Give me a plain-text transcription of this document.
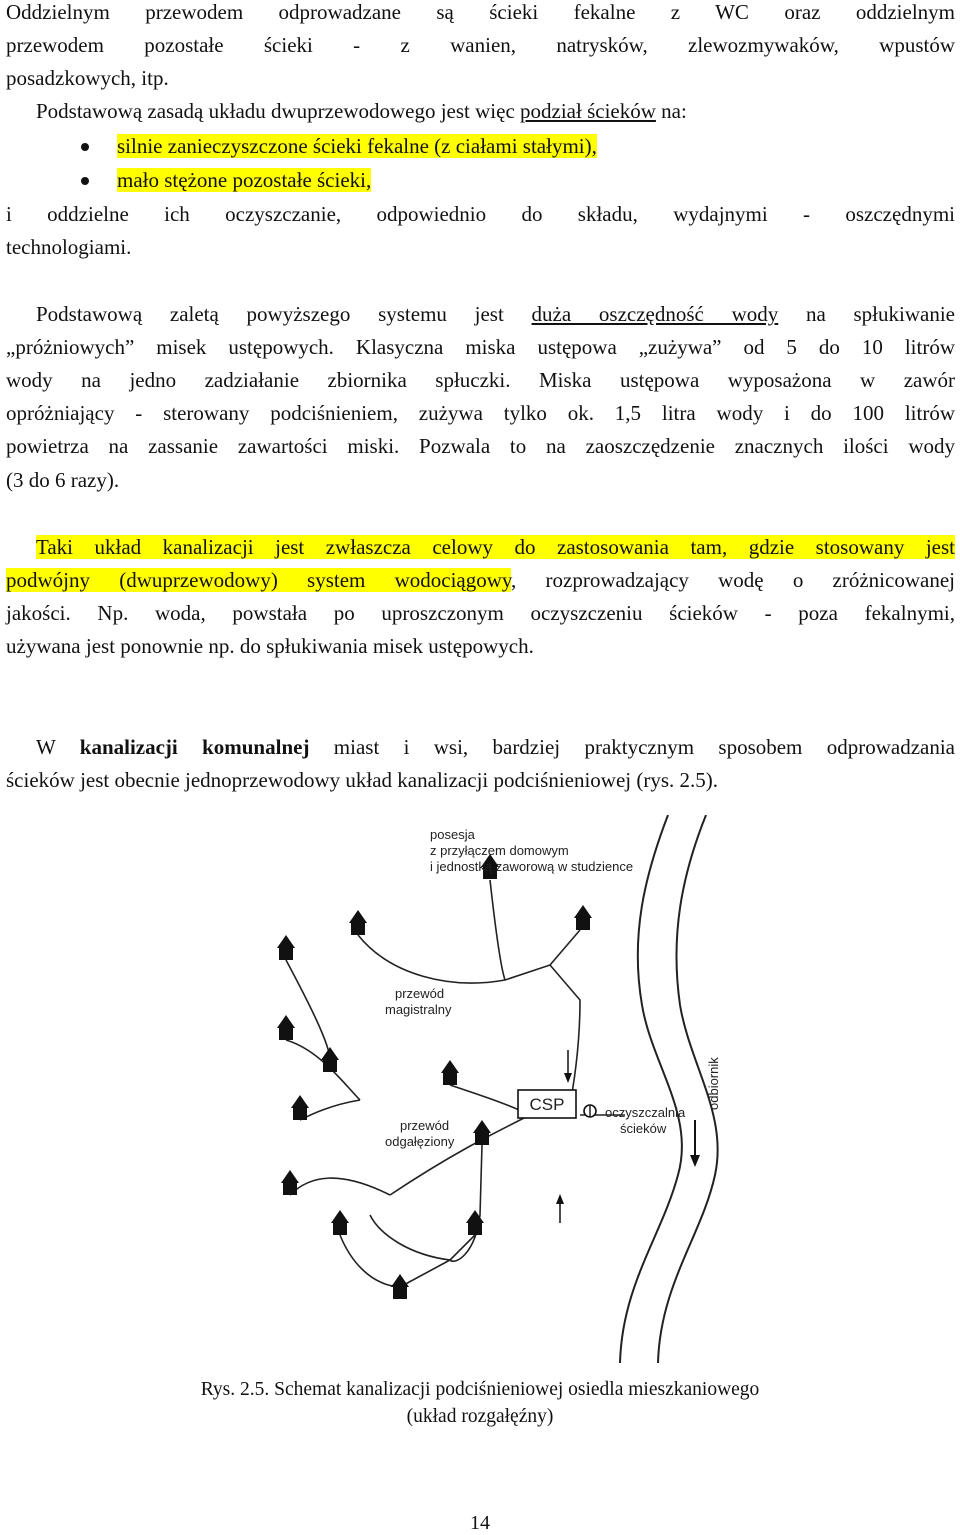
Oddzielnym przewodem odprowadzane są ścieki fekalne z WC oraz oddzielnym
przewodem pozostałe ścieki - z wanien, natrysków, zlewozmywaków, wpustów
posadzkowych, itp.
Podstawową zasadą układu dwuprzewodowego jest więc podział ścieków na:
silnie zanieczyszczone ścieki fekalne (z ciałami stałymi),
mało stężone pozostałe ścieki,
i oddzielne ich oczyszczanie, odpowiednio do składu, wydajnymi - oszczędnymi
technologiami.
Podstawową zaletą powyższego systemu jest duża oszczędność wody na spłukiwanie
„próżniowych” misek ustępowych. Klasyczna miska ustępowa „zużywa” od 5 do 10 litrów
wody na jedno zadziałanie zbiornika spłuczki. Miska ustępowa wyposażona w zawór
opróżniający - sterowany podciśnieniem, zużywa tylko ok. 1,5 litra wody i do 100 litrów
powietrza na zassanie zawartości miski. Pozwala to na zaoszczędzenie znacznych ilości wody
(3 do 6 razy).
Taki układ kanalizacji jest zwłaszcza celowy do zastosowania tam, gdzie stosowany jest
podwójny (dwuprzewodowy) system wodociągowy, rozprowadzający wodę o zróżnicowanej
jakości. Np. woda, powstała po uproszczonym oczyszczeniu ścieków - poza fekalnymi,
używana jest ponownie np. do spłukiwania misek ustępowych.
W kanalizacji komunalnej miast i wsi, bardziej praktycznym sposobem odprowadzania
ścieków jest obecnie jednoprzewodowy układ kanalizacji podciśnieniowej (rys. 2.5).
odbiornik
CSP
posesja
z przyłączem domowym
i jednostką zaworową w studzience
przewód
magistralny
przewód
odgałęziony
oczyszczalnia
ścieków
Rys. 2.5. Schemat kanalizacji podciśnieniowej osiedla mieszkaniowego
(układ rozgałęźny)
14
